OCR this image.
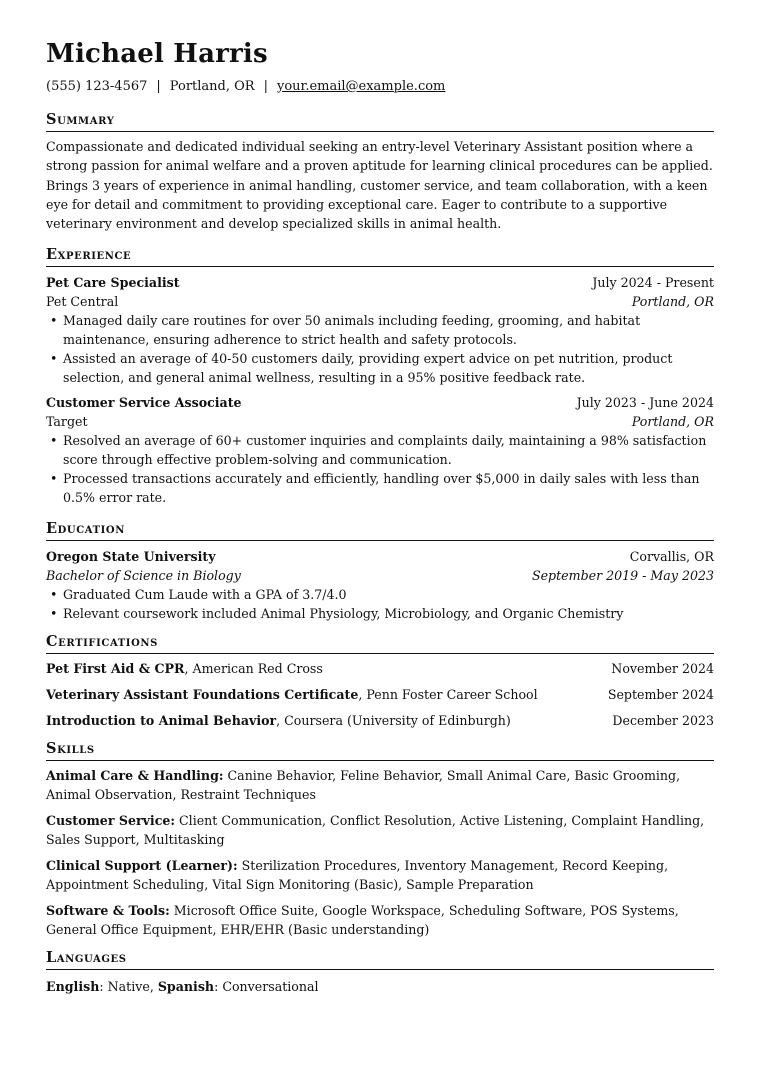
Michael Harris
(555) 123-4567 | Portland, OR | your.email@example.com
Summary
Compassionate and dedicated individual seeking an entry-level Veterinary Assistant position where a strong passion for animal welfare and a proven aptitude for learning clinical procedures can be applied. Brings 3 years of experience in animal handling, customer service, and team collaboration, with a keen eye for detail and commitment to providing exceptional care. Eager to contribute to a supportive veterinary environment and develop specialized skills in animal health.
Experience
Pet Care Specialist	July 2024 - Present
Pet Central	Portland, OR
• Managed daily care routines for over 50 animals including feeding, grooming, and habitat maintenance, ensuring adherence to strict health and safety protocols.
• Assisted an average of 40-50 customers daily, providing expert advice on pet nutrition, product selection, and general animal wellness, resulting in a 95% positive feedback rate.
Customer Service Associate	July 2023 - June 2024
Target	Portland, OR
• Resolved an average of 60+ customer inquiries and complaints daily, maintaining a 98% satisfaction score through effective problem-solving and communication.
• Processed transactions accurately and efficiently, handling over $5,000 in daily sales with less than 0.5% error rate.
Education
Oregon State University	Corvallis, OR
Bachelor of Science in Biology	September 2019 - May 2023
• Graduated Cum Laude with a GPA of 3.7/4.0
• Relevant coursework included Animal Physiology, Microbiology, and Organic Chemistry
Certifications
Pet First Aid & CPR, American Red Cross	November 2024
Veterinary Assistant Foundations Certificate, Penn Foster Career School	September 2024
Introduction to Animal Behavior, Coursera (University of Edinburgh)	December 2023
Skills
Animal Care & Handling: Canine Behavior, Feline Behavior, Small Animal Care, Basic Grooming, Animal Observation, Restraint Techniques
Customer Service: Client Communication, Conflict Resolution, Active Listening, Complaint Handling, Sales Support, Multitasking
Clinical Support (Learner): Sterilization Procedures, Inventory Management, Record Keeping, Appointment Scheduling, Vital Sign Monitoring (Basic), Sample Preparation
Software & Tools: Microsoft Office Suite, Google Workspace, Scheduling Software, POS Systems, General Office Equipment, EHR/EHR (Basic understanding)
Languages
English: Native, Spanish: Conversational
